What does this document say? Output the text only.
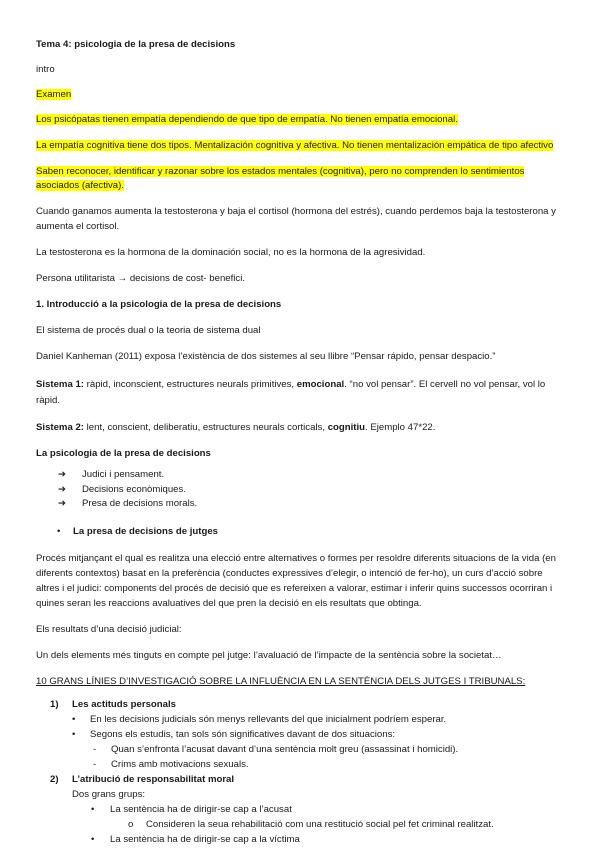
Tema 4: psicologia de la presa de decisions

intro

Examen

Los psicópatas tienen empatía dependiendo de que tipo de empatía. No tienen empatía emocional.

La empatía cognitiva tiene dos tipos. Mentalización cognitiva y afectiva. No tienen mentalización empática de tipo afectivo

Saben reconocer, identificar y razonar sobre los estados mentales (cognitiva), pero no comprenden lo sentimientos asociados (afectiva).

Cuando ganamos aumenta la testosterona y baja el cortisol (hormona del estrés), cuando perdemos baja la testosterona y aumenta el cortisol.

La testosterona es la hormona de la dominación social, no es la hormona de la agresividad.

Persona utilitarista → decisions de cost- benefici.

1. Introducció a la psicologia de la presa de decisions

El sistema de procés dual o la teoria de sistema dual

Daniel Kanheman (2011) exposa l’existència de dos sistemes al seu llibre “Pensar rápido, pensar despacio.”

Sistema 1: ràpid, inconscient, estructures neurals primitives, emocional. “no vol pensar”. El cervell no vol pensar, vol lo ràpid.

Sistema 2: lent, conscient, deliberatiu, estructures neurals corticals, cognitiu. Ejemplo 47*22.

La psicologia de la presa de decisions

➔ Judici i pensament.
➔ Decisions econòmiques.
➔ Presa de decisions morals.
• La presa de decisions de jutges

Procés mitjançant el qual es realitza una elecció entre alternatives o formes per resoldre diferents situacions de la vida (en diferents contextos) basat en la preferència (conductes expressives d’elegir, o intenció de fer-ho), un curs d’acció sobre altres i el judici: components del procés de decisió que es refereixen a valorar, estimar i inferir quins successos ocorriran i quines seran les reaccions avaluatives del que pren la decisió en els resultats que obtinga.

Els resultats d’una decisió judicial:

Un dels elements més tinguts en compte pel jutge: l’avaluació de l’impacte de la sentència sobre la societat…

10 GRANS LÍNIES D’INVESTIGACIÓ SOBRE LA INFLUÈNCIA EN LA SENTÈNCIA DELS JUTGES I TRIBUNALS:

1) Les actituds personals
• En les decisions judicials són menys rellevants del que inicialment podríem esperar.
• Segons els estudis, tan sols són significatives davant de dos situacions:
- Quan s’enfronta l’acusat davant d’una sentència molt greu (assassinat i homicidi).
- Crims amb motivacions sexuals.
2) L’atribució de responsabilitat moral
Dos grans grups:
• La sentència ha de dirigir-se cap a l’acusat
o Consideren la seua rehabilitació com una restitució social pel fet criminal realitzat.
• La sentència ha de dirigir-se cap a la víctima
